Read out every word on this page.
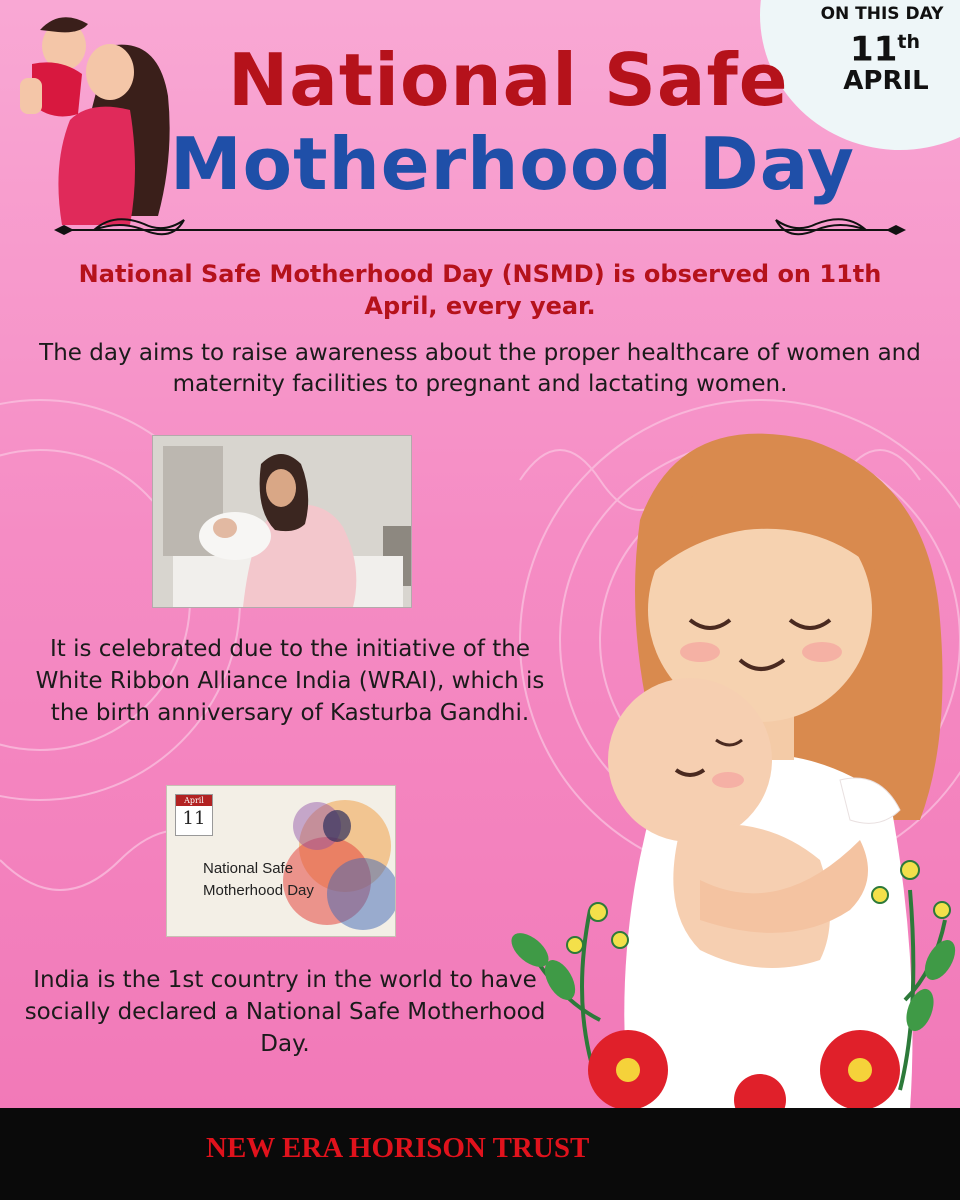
ON THIS DAY
11th
APRIL
National Safe
Motherhood Day
National Safe Motherhood Day (NSMD) is observed on 11th April, every year.
The day aims to raise awareness about the proper healthcare of women and maternity facilities to pregnant and lactating women.
It is celebrated due to the initiative of the White Ribbon Alliance India (WRAI), which is the birth anniversary of Kasturba Gandhi.
April
11
National Safe
Motherhood Day
India is the 1st country in the world to have socially declared a National Safe Motherhood Day.

NEW ERA HORISON TRUST
